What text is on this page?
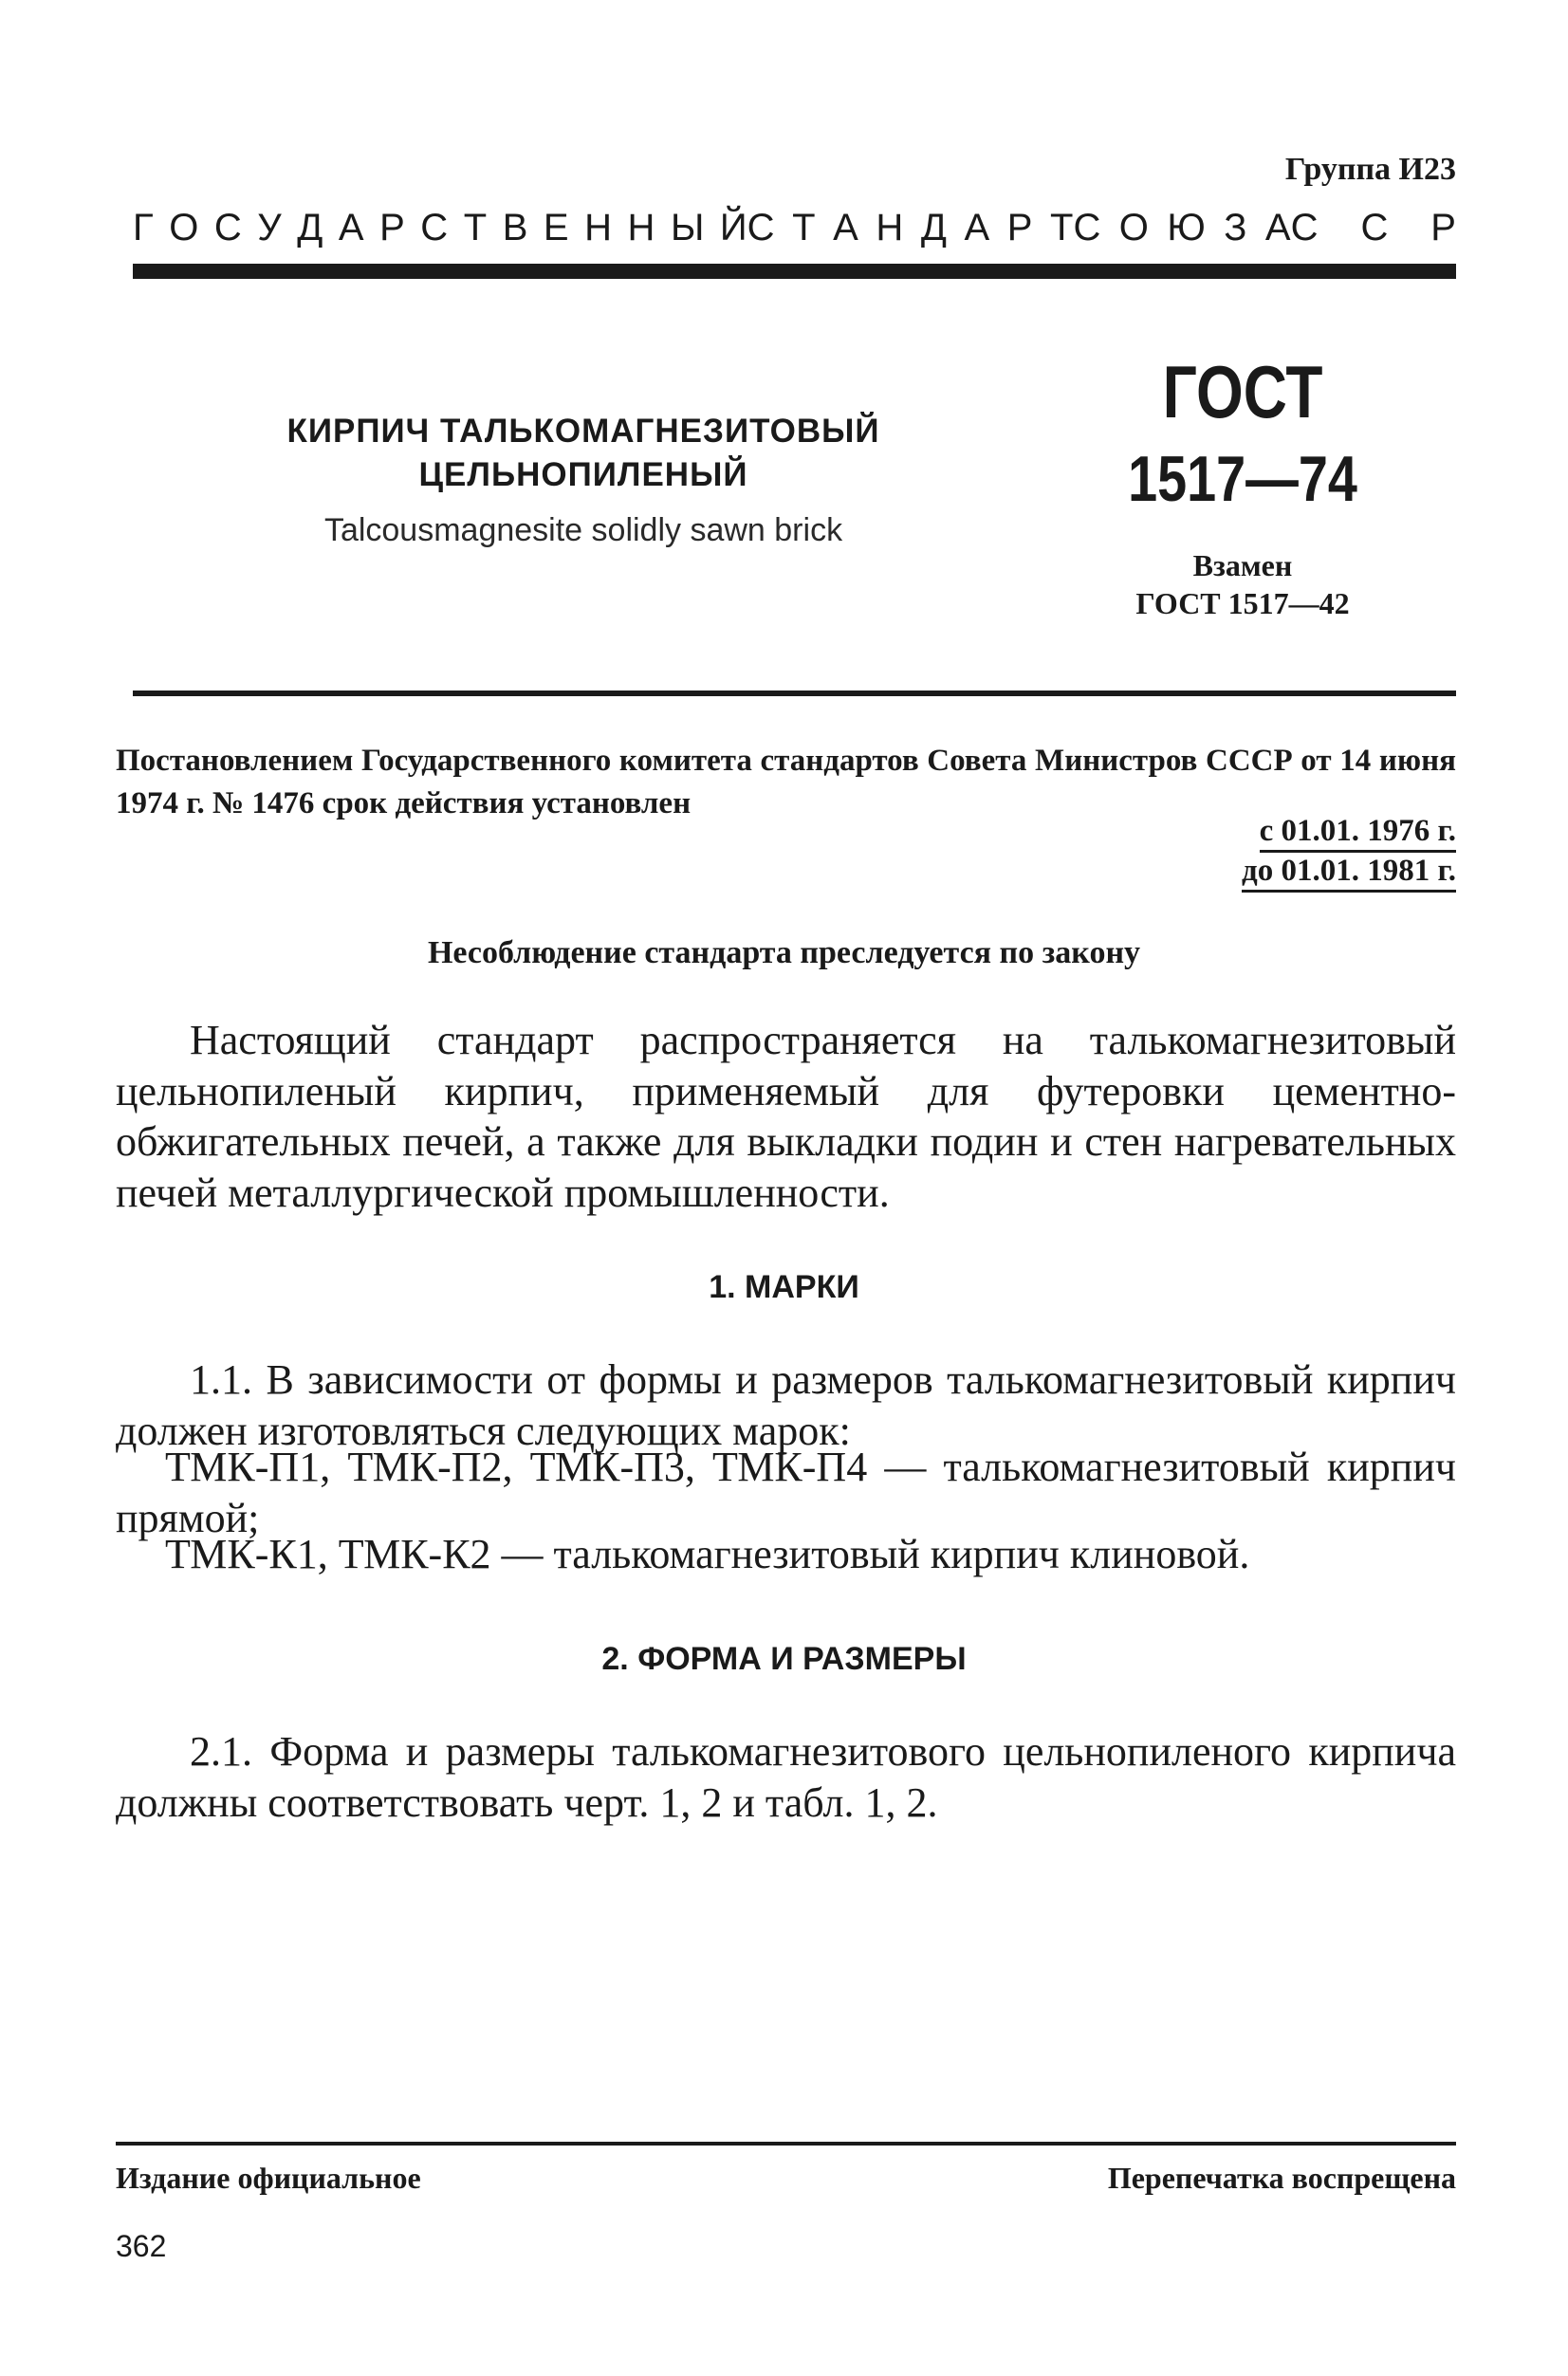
Группа И23
Г О С У Д А Р С Т В Е Н Н Ы Й С Т А Н Д А Р Т С О Ю З А С С Р
КИРПИЧ ТАЛЬКОМАГНЕЗИТОВЫЙ
ЦЕЛЬНОПИЛЕНЫЙ
Talcousmagnesite solidly sawn brick
ГОСТ
1517—74
Взамен
ГОСТ 1517—42
Постановлением Государственного комитета стандартов Совета Министров СССР от 14 июня 1974 г. № 1476 срок действия установлен
с 01.01. 1976 г.
до 01.01. 1981 г.
Несоблюдение стандарта преследуется по закону
Настоящий стандарт распространяется на талькомагнезитовый цельнопиленый кирпич, применяемый для футеровки цементно-обжигательных печей, а также для выкладки подин и стен нагревательных печей металлургической промышленности.
1. МАРКИ
1.1. В зависимости от формы и размеров талькомагнезитовый кирпич должен изготовляться следующих марок:
ТМК-П1, ТМК-П2, ТМК-П3, ТМК-П4 — талькомагнезитовый кирпич прямой;
ТМК-К1, ТМК-К2 — талькомагнезитовый кирпич клиновой.
2. ФОРМА И РАЗМЕРЫ
2.1. Форма и размеры талькомагнезитового цельнопиленого кирпича должны соответствовать черт. 1, 2 и табл. 1, 2.
Издание официальное	Перепечатка воспрещена
362
